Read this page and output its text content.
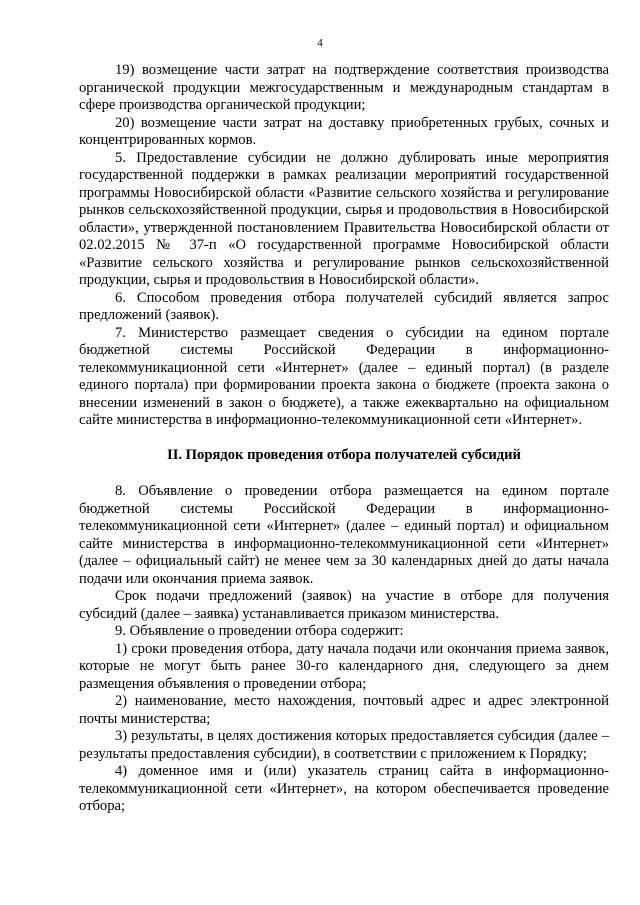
4

19) возмещение части затрат на подтверждение соответствия производства органической продукции межгосударственным и международным стандартам в сфере производства органической продукции;

20) возмещение части затрат на доставку приобретенных грубых, сочных и концентрированных кормов.

5. Предоставление субсидии не должно дублировать иные мероприятия государственной поддержки в рамках реализации мероприятий государственной программы Новосибирской области «Развитие сельского хозяйства и регулирование рынков сельскохозяйственной продукции, сырья и продовольствия в Новосибирской области», утвержденной постановлением Правительства Новосибирской области от 02.02.2015 № 37-п «О государственной программе Новосибирской области «Развитие сельского хозяйства и регулирование рынков сельскохозяйственной продукции, сырья и продовольствия в Новосибирской области».

6. Способом проведения отбора получателей субсидий является запрос предложений (заявок).

7. Министерство размещает сведения о субсидии на едином портале бюджетной системы Российской Федерации в информационно-телекоммуникационной сети «Интернет» (далее – единый портал) (в разделе единого портала) при формировании проекта закона о бюджете (проекта закона о внесении изменений в закон о бюджете), а также ежеквартально на официальном сайте министерства в информационно-телекоммуникационной сети «Интернет».

II. Порядок проведения отбора получателей субсидий

8. Объявление о проведении отбора размещается на едином портале бюджетной системы Российской Федерации в информационно-телекоммуникационной сети «Интернет» (далее – единый портал) и официальном сайте министерства в информационно-телекоммуникационной сети «Интернет» (далее – официальный сайт) не менее чем за 30 календарных дней до даты начала подачи или окончания приема заявок.

Срок подачи предложений (заявок) на участие в отборе для получения субсидий (далее – заявка) устанавливается приказом министерства.

9. Объявление о проведении отбора содержит:

1) сроки проведения отбора, дату начала подачи или окончания приема заявок, которые не могут быть ранее 30-го календарного дня, следующего за днем размещения объявления о проведении отбора;

2) наименование, место нахождения, почтовый адрес и адрес электронной почты министерства;

3) результаты, в целях достижения которых предоставляется субсидия (далее – результаты предоставления субсидии), в соответствии с приложением к Порядку;

4) доменное имя и (или) указатель страниц сайта в информационно-телекоммуникационной сети «Интернет», на котором обеспечивается проведение отбора;
